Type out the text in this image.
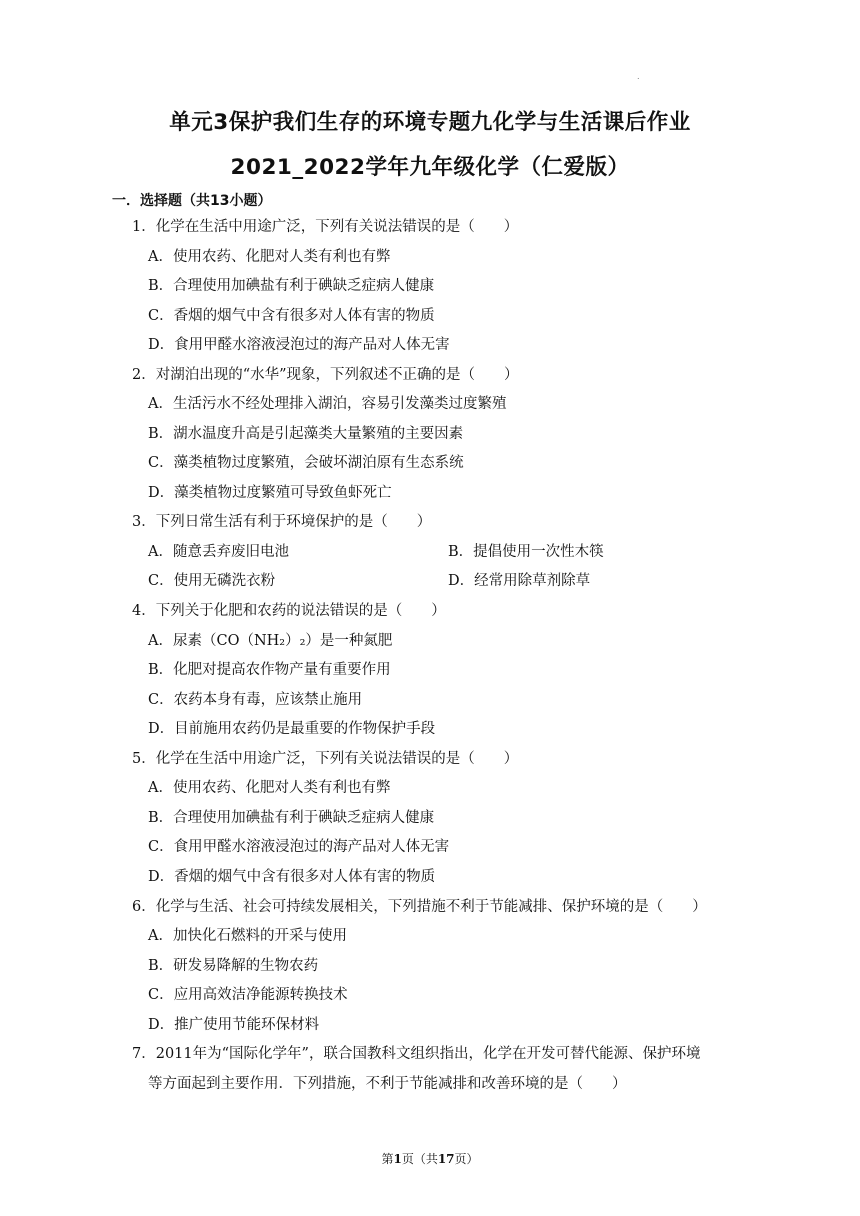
.
单元3保护我们生存的环境专题九化学与生活课后作业
2021_2022学年九年级化学（仁爱版）
一．选择题（共13小题）
1．化学在生活中用途广泛，下列有关说法错误的是（　　）
A．使用农药、化肥对人类有利也有弊
B．合理使用加碘盐有利于碘缺乏症病人健康
C．香烟的烟气中含有很多对人体有害的物质
D．食用甲醛水溶液浸泡过的海产品对人体无害
2．对湖泊出现的“水华”现象，下列叙述不正确的是（　　）
A．生活污水不经处理排入湖泊，容易引发藻类过度繁殖
B．湖水温度升高是引起藻类大量繁殖的主要因素
C．藻类植物过度繁殖，会破坏湖泊原有生态系统
D．藻类植物过度繁殖可导致鱼虾死亡
3．下列日常生活有利于环境保护的是（　　）
A．随意丢弃废旧电池	B．提倡使用一次性木筷
C．使用无磷洗衣粉	D．经常用除草剂除草
4．下列关于化肥和农药的说法错误的是（　　）
A．尿素（CO（NH₂）₂）是一种氮肥
B．化肥对提高农作物产量有重要作用
C．农药本身有毒，应该禁止施用
D．目前施用农药仍是最重要的作物保护手段
5．化学在生活中用途广泛，下列有关说法错误的是（　　）
A．使用农药、化肥对人类有利也有弊
B．合理使用加碘盐有利于碘缺乏症病人健康
C．食用甲醛水溶液浸泡过的海产品对人体无害
D．香烟的烟气中含有很多对人体有害的物质
6．化学与生活、社会可持续发展相关，下列措施不利于节能减排、保护环境的是（　　）
A．加快化石燃料的开采与使用
B．研发易降解的生物农药
C．应用高效洁净能源转换技术
D．推广使用节能环保材料
7．2011年为“国际化学年”，联合国教科文组织指出，化学在开发可替代能源、保护环境
等方面起到主要作用．下列措施，不利于节能减排和改善环境的是（　　）
第1页（共17页）
